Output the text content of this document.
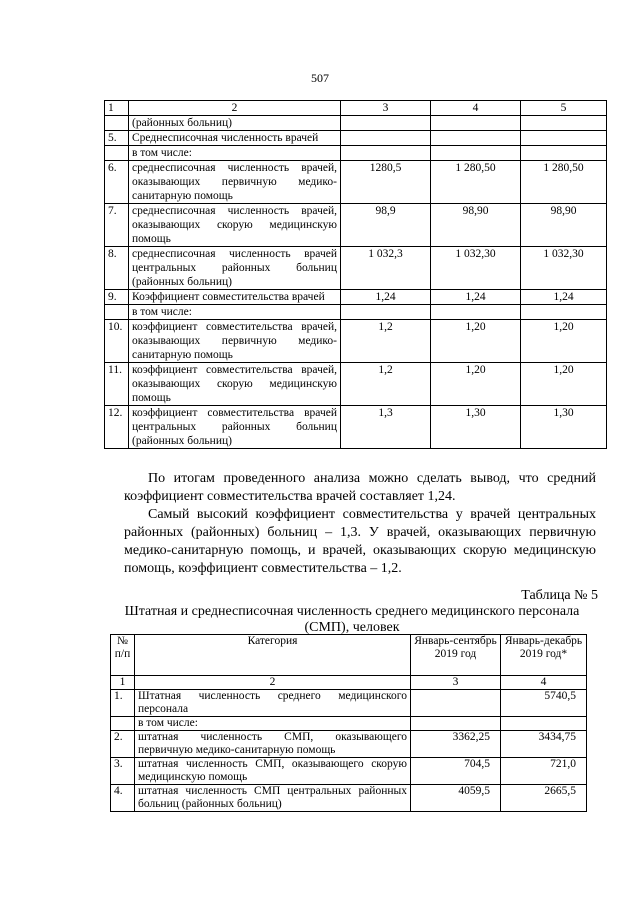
507
1	2	3	4	5
	(районных больниц)			
5.	Среднесписочная численность врачей			
	в том числе:			
6.	среднесписочная численность врачей, оказывающих первичную медико-санитарную помощь	1280,5	1 280,50	1 280,50
7.	среднесписочная численность врачей, оказывающих скорую медицинскую помощь	98,9	98,90	98,90
8.	среднесписочная численность врачей центральных районных больниц (районных больниц)	1 032,3	1 032,30	1 032,30
9.	Коэффициент совместительства врачей	1,24	1,24	1,24
	в том числе:			
10.	коэффициент совместительства врачей, оказывающих первичную медико-санитарную помощь	1,2	1,20	1,20
11.	коэффициент совместительства врачей, оказывающих скорую медицинскую помощь	1,2	1,20	1,20
12.	коэффициент совместительства врачей центральных районных больниц (районных больниц)	1,3	1,30	1,30
По итогам проведенного анализа можно сделать вывод, что средний коэффициент совместительства врачей составляет 1,24.
Самый высокий коэффициент совместительства у врачей центральных районных (районных) больниц – 1,3. У врачей, оказывающих первичную медико-санитарную помощь, и врачей, оказывающих скорую медицинскую помощь, коэффициент совместительства – 1,2.
Таблица № 5
Штатная и среднесписочная численность среднего медицинского персонала (СМП), человек
№ п/п	Категория	Январь-сентябрь 2019 год	Январь-декабрь 2019 год*
1	2	3	4
1.	Штатная численность среднего медицинского персонала		5740,5
	в том числе:		
2.	штатная численность СМП, оказывающего первичную медико-санитарную помощь	3362,25	3434,75
3.	штатная численность СМП, оказывающего скорую медицинскую помощь	704,5	721,0
4.	штатная численность СМП центральных районных больниц (районных больниц)	4059,5	2665,5
